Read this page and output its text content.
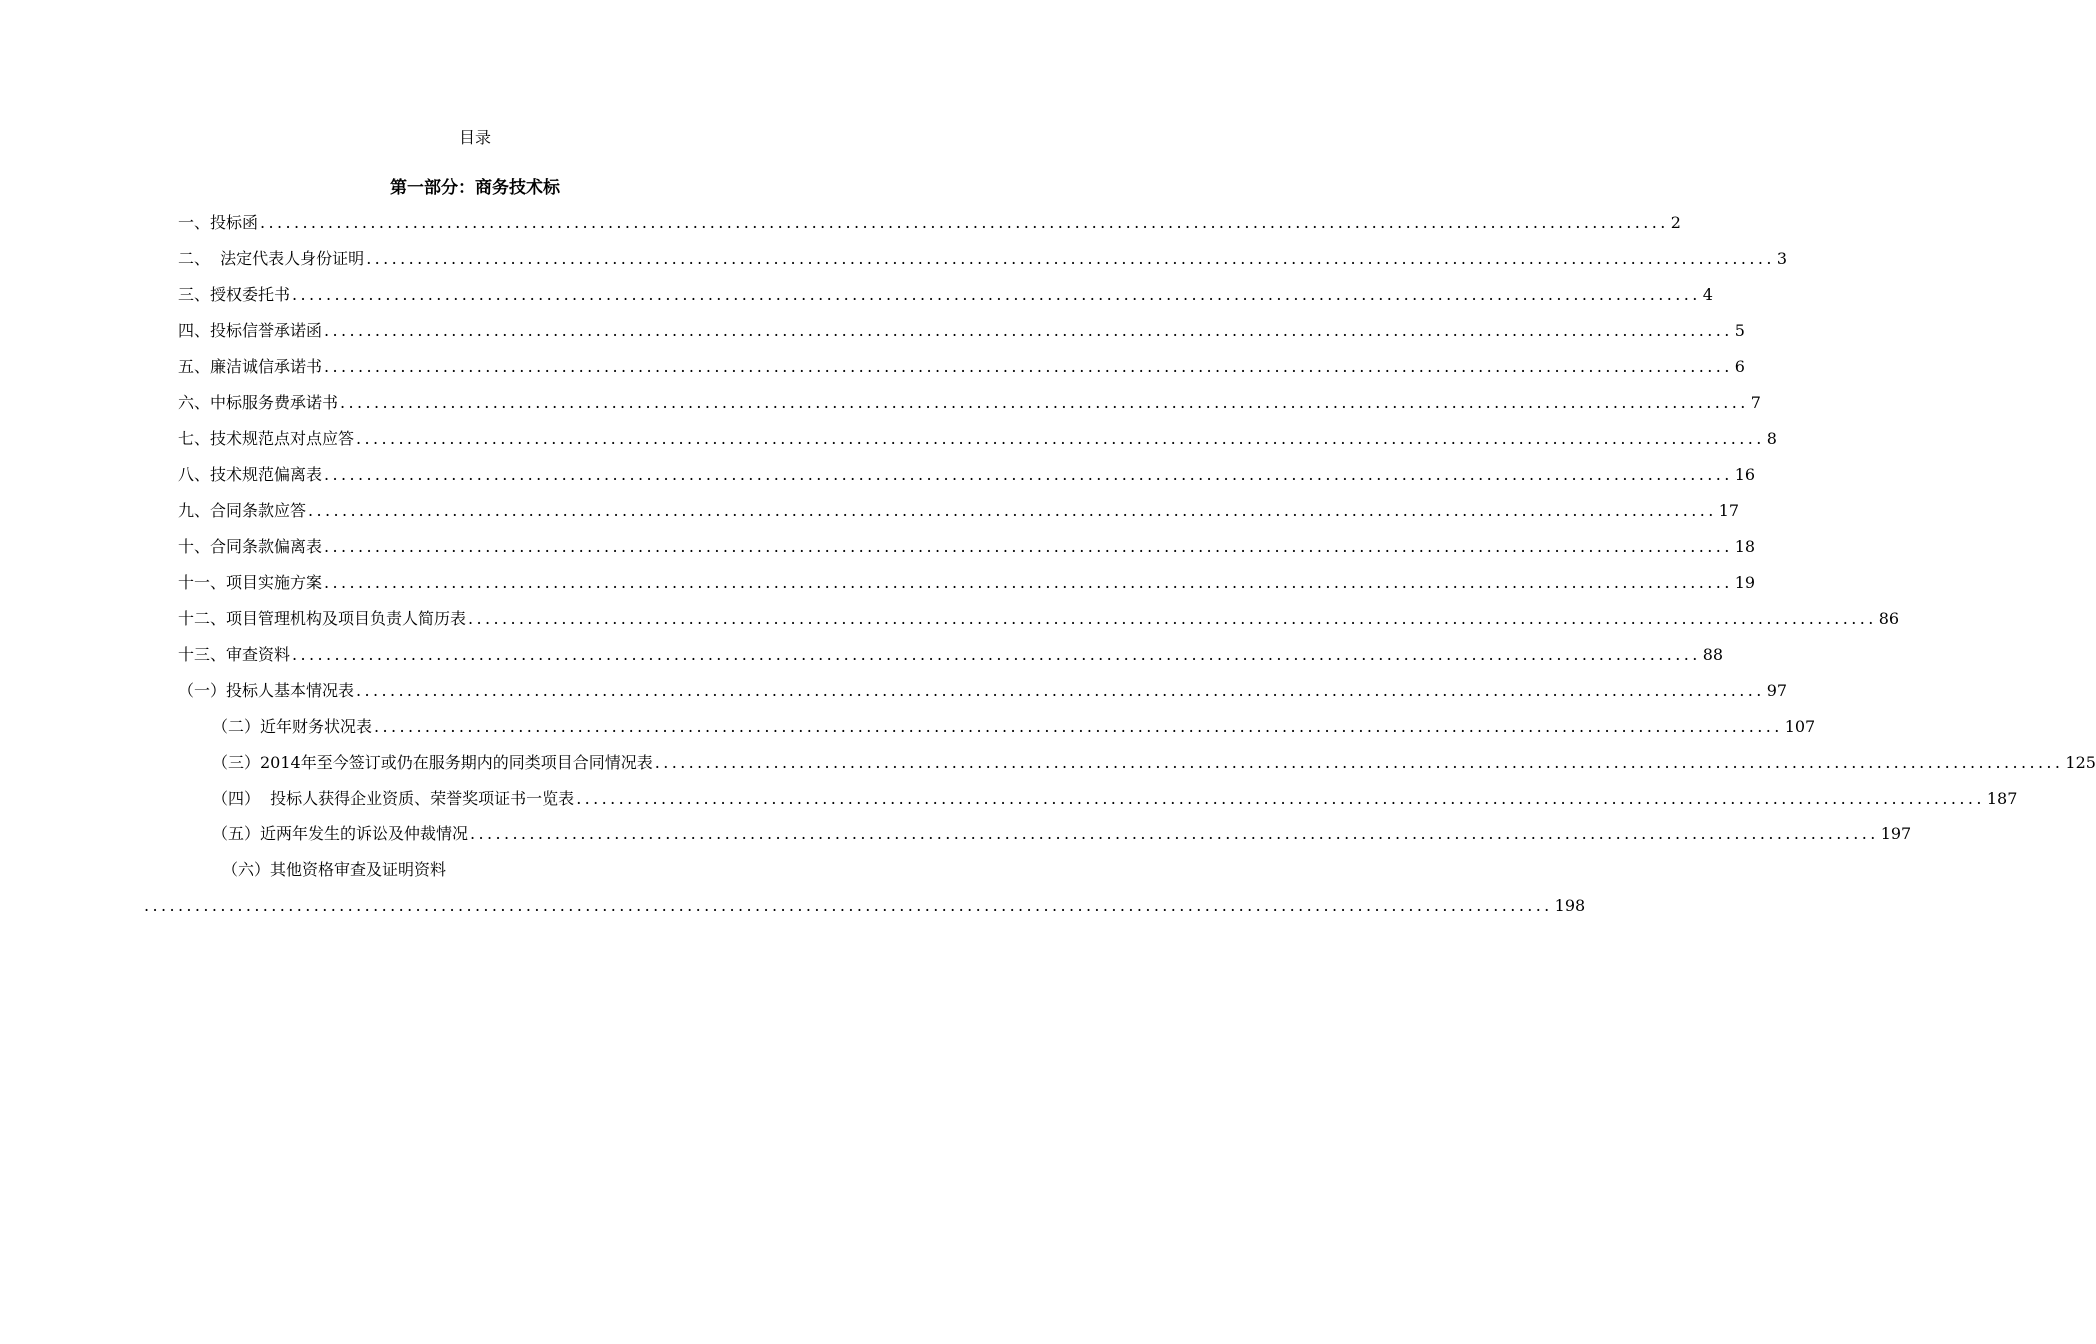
目录
第一部分：商务技术标
一、投标函 ...................................................................................................................................................................... 2
二、  法定代表人身份证明 ...................................................................................................................................................................... 3
三、授权委托书 ...................................................................................................................................................................... 4
四、投标信誉承诺函 ...................................................................................................................................................................... 5
五、廉洁诚信承诺书 ...................................................................................................................................................................... 6
六、中标服务费承诺书 ...................................................................................................................................................................... 7
七、技术规范点对点应答 ...................................................................................................................................................................... 8
八、技术规范偏离表 ...................................................................................................................................................................... 16
九、合同条款应答 ...................................................................................................................................................................... 17
十、合同条款偏离表 ...................................................................................................................................................................... 18
十一、项目实施方案 ...................................................................................................................................................................... 19
十二、项目管理机构及项目负责人简历表 ...................................................................................................................................................................... 86
十三、审查资料 ...................................................................................................................................................................... 88
（一）投标人基本情况表 ...................................................................................................................................................................... 97
（二）近年财务状况表 ...................................................................................................................................................................... 107
（三）2014年至今签订或仍在服务期内的同类项目合同情况表 ...................................................................................................................................................................... 125
（四）  投标人获得企业资质、荣誉奖项证书一览表 ...................................................................................................................................................................... 187
（五）近两年发生的诉讼及仲裁情况 ...................................................................................................................................................................... 197
（六）其他资格审查及证明资料
...................................................................................................................................................................... 198
